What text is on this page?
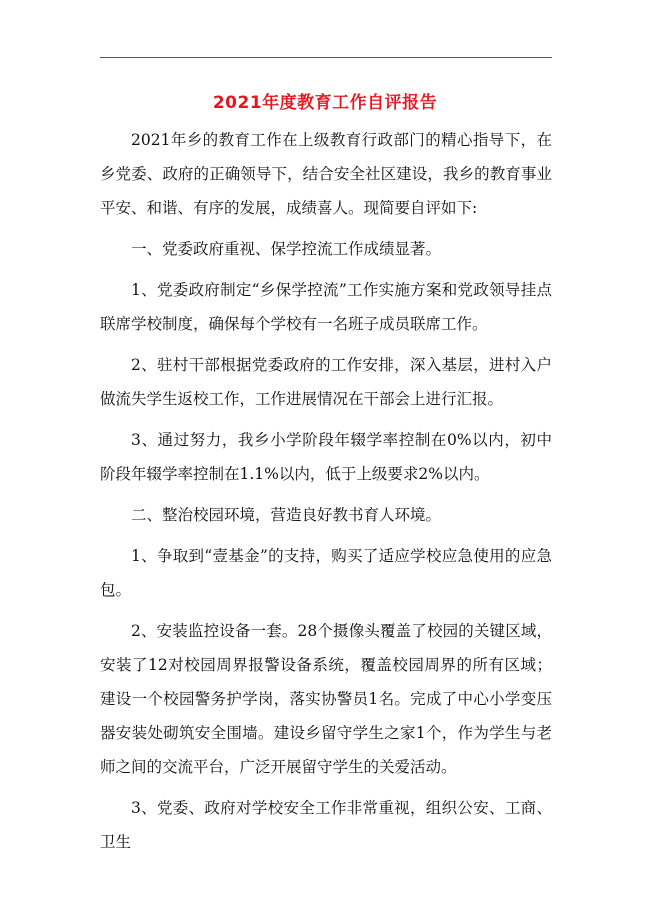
2021年度教育工作自评报告

2021年乡的教育工作在上级教育行政部门的精心指导下，在乡党委、政府的正确领导下，结合安全社区建设，我乡的教育事业平安、和谐、有序的发展，成绩喜人。现简要自评如下:

一、党委政府重视、保学控流工作成绩显著。

1、党委政府制定“乡保学控流”工作实施方案和党政领导挂点联席学校制度，确保每个学校有一名班子成员联席工作。

2、驻村干部根据党委政府的工作安排，深入基层，进村入户做流失学生返校工作，工作进展情况在干部会上进行汇报。

3、通过努力，我乡小学阶段年辍学率控制在0%以内，初中阶段年辍学率控制在1.1%以内，低于上级要求2%以内。

二、整治校园环境，营造良好教书育人环境。

1、争取到“壹基金”的支持，购买了适应学校应急使用的应急包。

2、安装监控设备一套。28个摄像头覆盖了校园的关键区域，安装了12对校园周界报警设备系统，覆盖校园周界的所有区域；建设一个校园警务护学岗，落实协警员1名。完成了中心小学变压器安装处砌筑安全围墙。建设乡留守学生之家1个，作为学生与老师之间的交流平台，广泛开展留守学生的关爱活动。

3、党委、政府对学校安全工作非常重视，组织公安、工商、卫生
